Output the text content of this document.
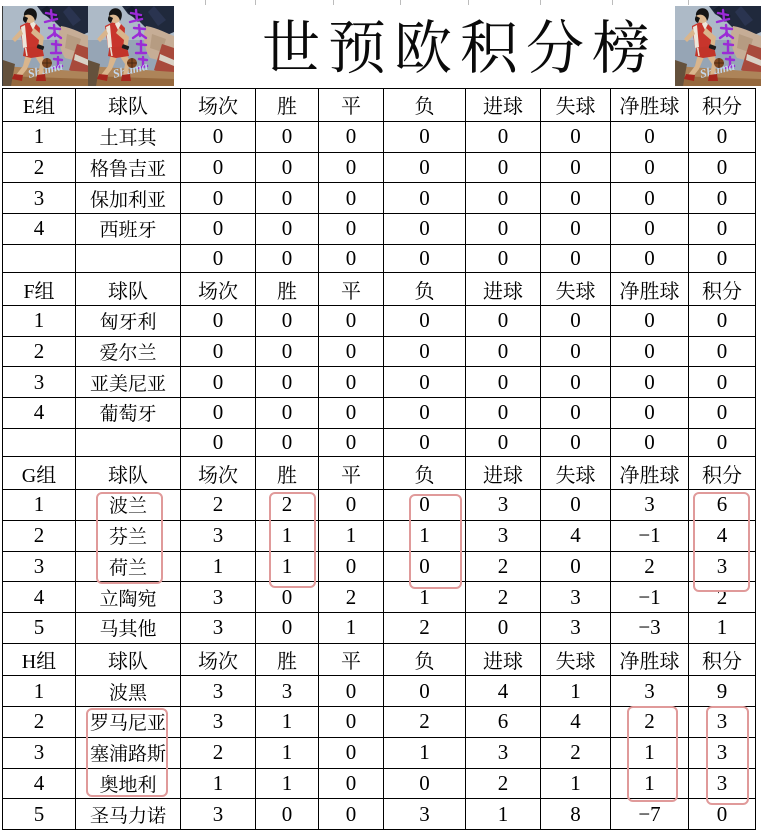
世预欧积分榜
E组	球队	场次	胜	平	负	进球	失球	净胜球	积分
1	土耳其	0	0	0	0	0	0	0	0
2	格鲁吉亚	0	0	0	0	0	0	0	0
3	保加利亚	0	0	0	0	0	0	0	0
4	西班牙	0	0	0	0	0	0	0	0
		0	0	0	0	0	0	0	0
F组	球队	场次	胜	平	负	进球	失球	净胜球	积分
1	匈牙利	0	0	0	0	0	0	0	0
2	爱尔兰	0	0	0	0	0	0	0	0
3	亚美尼亚	0	0	0	0	0	0	0	0
4	葡萄牙	0	0	0	0	0	0	0	0
		0	0	0	0	0	0	0	0
G组	球队	场次	胜	平	负	进球	失球	净胜球	积分
1	波兰	2	2	0	0	3	0	3	6
2	芬兰	3	1	1	1	3	4	−1	4
3	荷兰	1	1	0	0	2	0	2	3
4	立陶宛	3	0	2	1	2	3	−1	2
5	马其他	3	0	1	2	0	3	−3	1
H组	球队	场次	胜	平	负	进球	失球	净胜球	积分
1	波黑	3	3	0	0	4	1	3	9
2	罗马尼亚	3	1	0	2	6	4	2	3
3	塞浦路斯	2	1	0	1	3	2	1	3
4	奥地利	1	1	0	0	2	1	1	3
5	圣马力诺	3	0	0	3	1	8	−7	0
